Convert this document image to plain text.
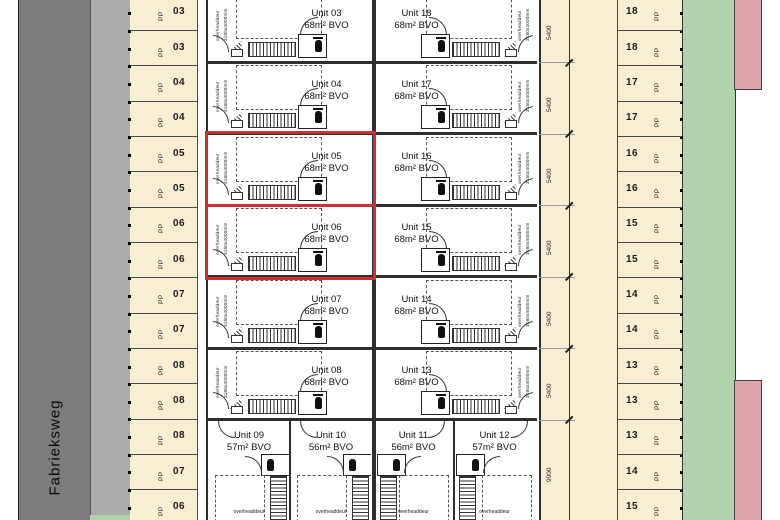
Fabrieksweg
overheaddeur 3180x4000mm	Unit 03
68m² BVO
overheaddeur 3180x4000mm	Unit 04
68m² BVO
overheaddeur 3180x4000mm	Unit 05
68m² BVO
overheaddeur 3180x4000mm	Unit 06
68m² BVO
overheaddeur 3180x4000mm	Unit 07
68m² BVO
overheaddeur 3180x4000mm	Unit 08
68m² BVO
overheaddeur 3180x4000mm
Unit 18
68m² BVO
overheaddeur 3180x4000mm
Unit 17
68m² BVO
overheaddeur 3180x4000mm
Unit 16
68m² BVO
overheaddeur 3180x4000mm
Unit 15
68m² BVO
overheaddeur 3180x4000mm
Unit 14
68m² BVO
overheaddeur 3180x4000mm
Unit 13
68m² BVO
Unit 09
57m² BVO
overheaddeur
Unit 10
56m² BVO
overheaddeur
Unit 11
56m² BVO
overheaddeur
Unit 12
57m² BVO
overheaddeur
5400
5400
5400
5400
5400
5400
9000
PP 03
PP 03
PP 04
PP 04
PP 05
PP 05
PP 06
PP 06
PP 07
PP 07
PP 08
PP 08
PP 08
PP 07
PP 06
PP
18
PP
18
PP
17
PP
17
PP
16
PP
16
PP
15
PP
15
PP
14
PP
14
PP
13
PP
13
PP
13
PP
14
PP
15
